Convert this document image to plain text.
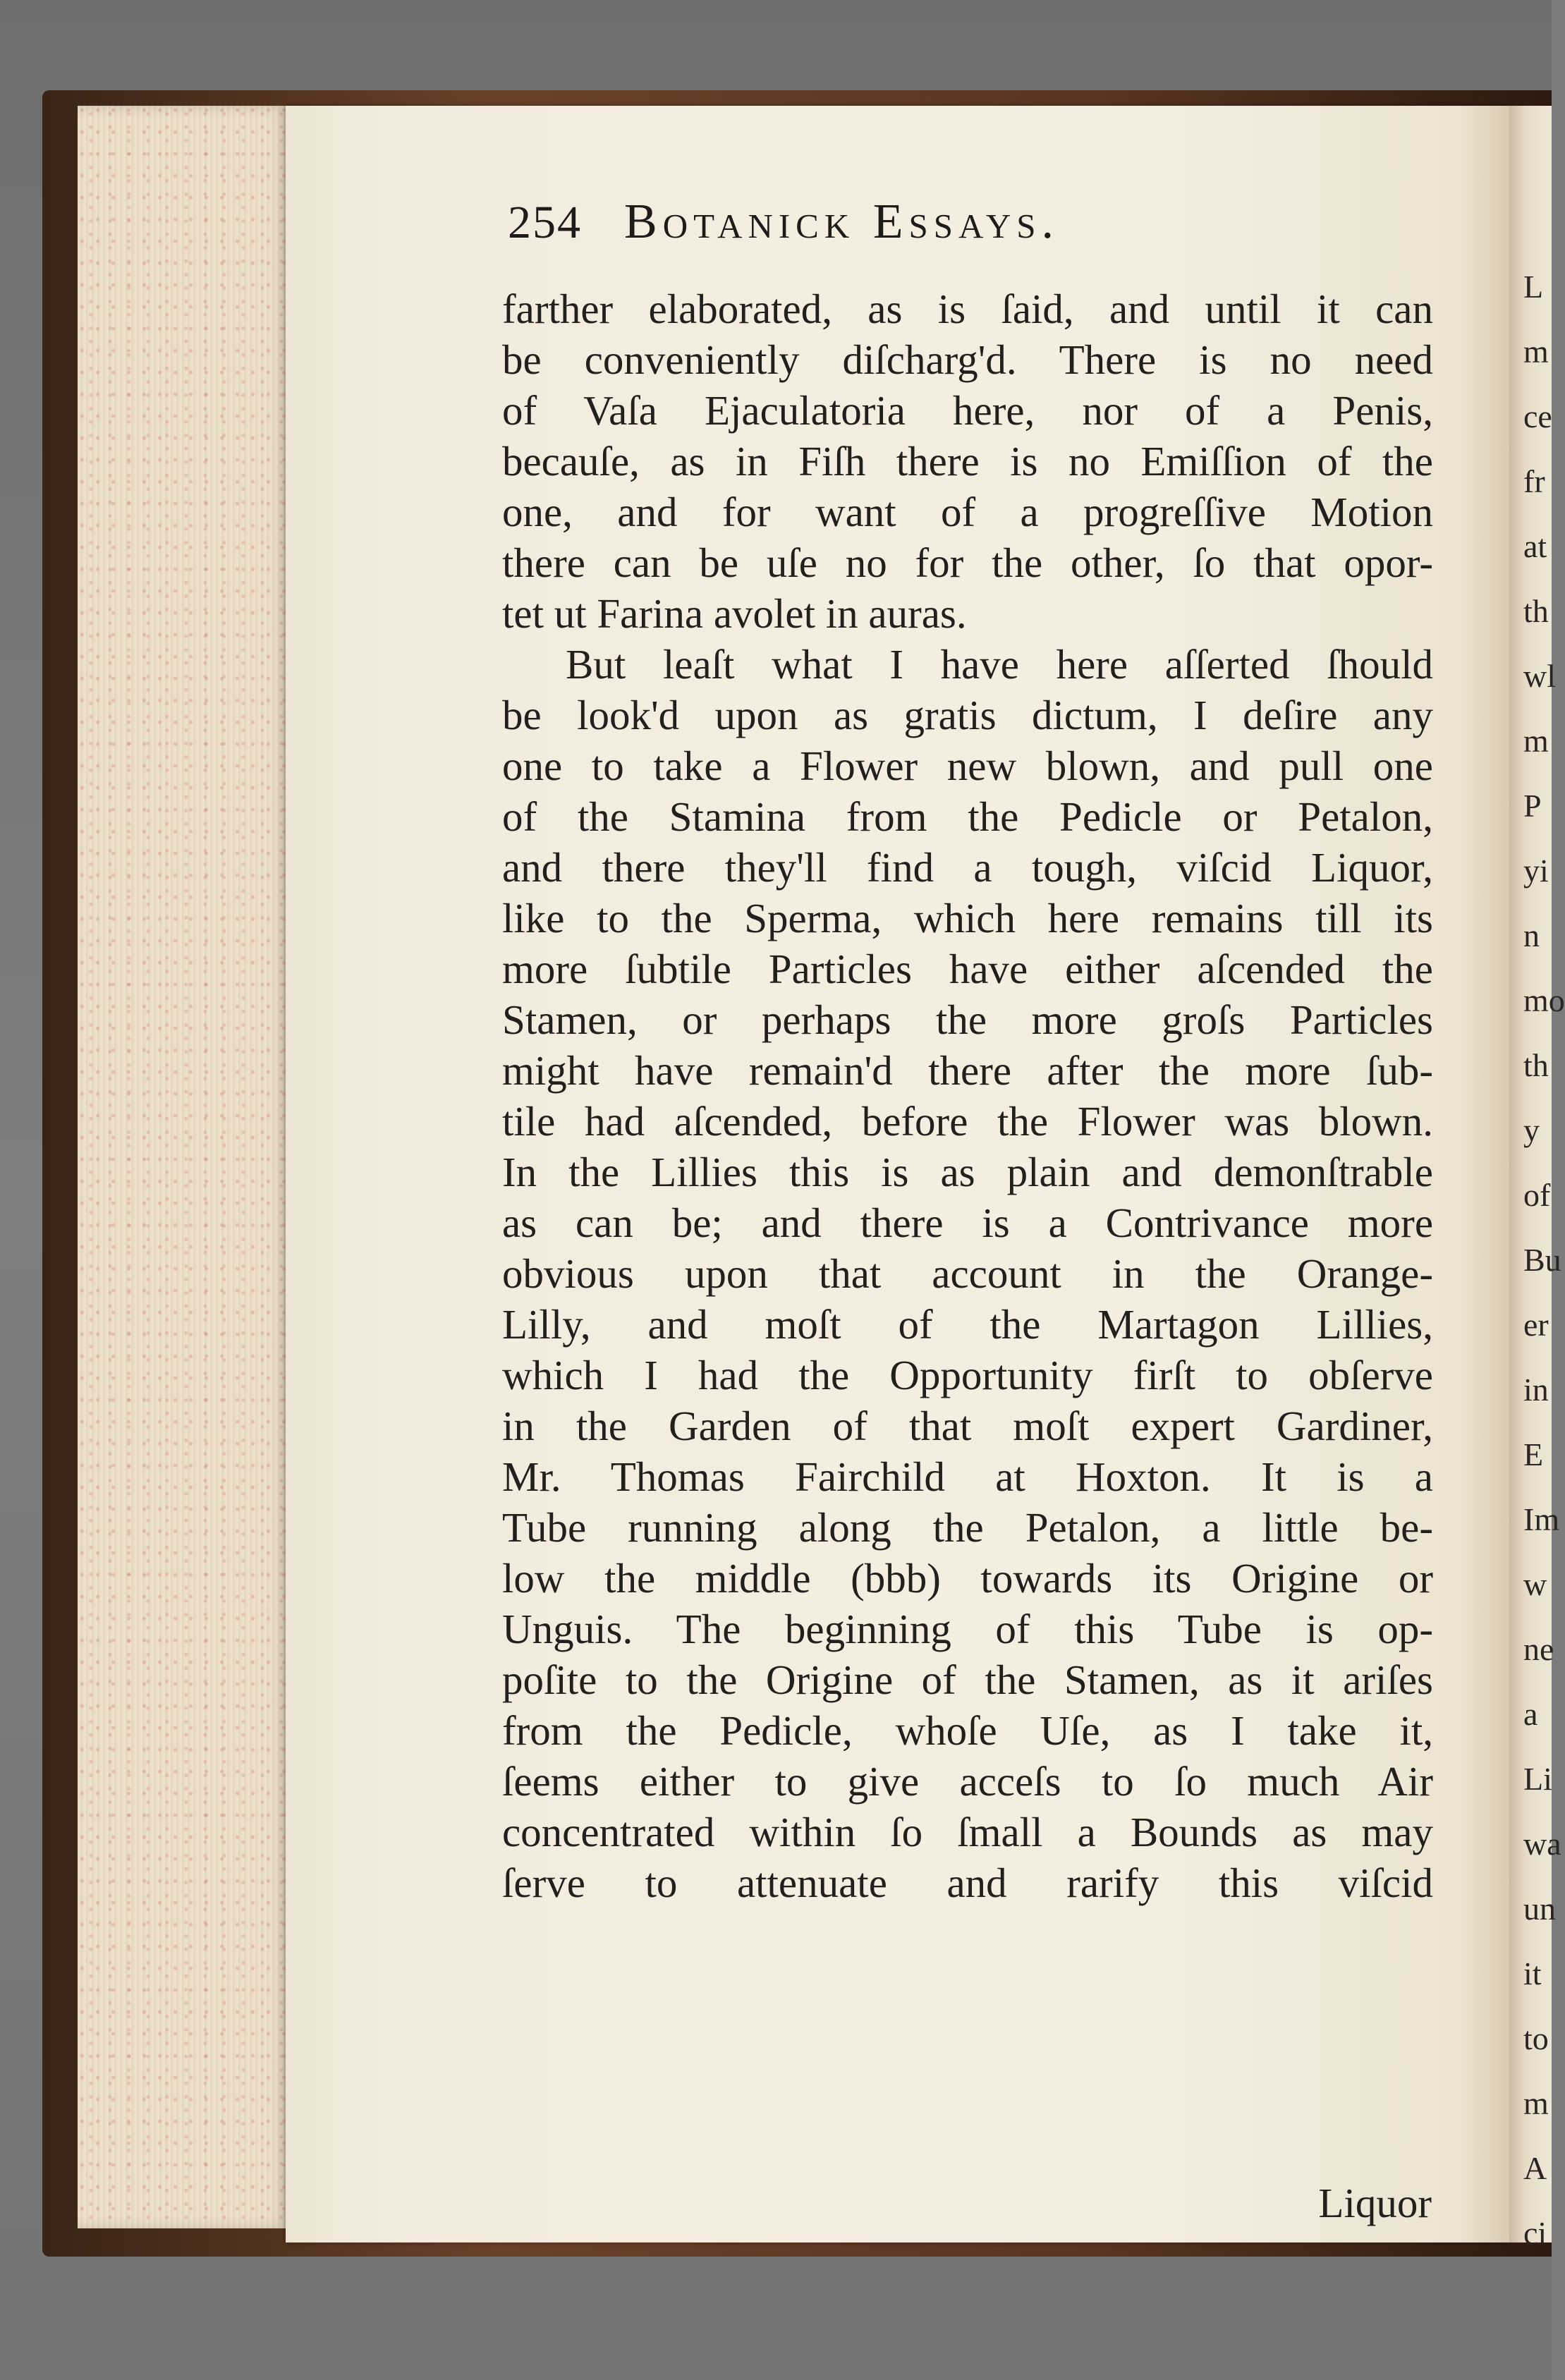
L
m
ce
fr
at
th
wl
m
P
yi
n
mo
th
y
of
Bu
er
in
E
Im
w
ne
a
Li
wa
un
it
to
m
A
ci
254 Botanick Essays.
farther elaborated, as is ſaid, and until it can
be conveniently diſcharg'd. There is no need
of Vaſa Ejaculatoria here, nor of a Penis,
becauſe, as in Fiſh there is no Emiſſion of the
one, and for want of a progreſſive Motion
there can be uſe no for the other, ſo that opor-
tet ut Farina avolet in auras.
But leaſt what I have here aſſerted ſhould
be look'd upon as gratis dictum, I deſire any
one to take a Flower new blown, and pull one
of the Stamina from the Pedicle or Petalon,
and there they'll find a tough, viſcid Liquor,
like to the Sperma, which here remains till its
more ſubtile Particles have either aſcended the
Stamen, or perhaps the more groſs Particles
might have remain'd there after the more ſub-
tile had aſcended, before the Flower was blown.
In the Lillies this is as plain and demonſtrable
as can be; and there is a Contrivance more
obvious upon that account in the Orange-
Lilly, and moſt of the Martagon Lillies,
which I had the Opportunity firſt to obſerve
in the Garden of that moſt expert Gardiner,
Mr. Thomas Fairchild at Hoxton. It is a
Tube running along the Petalon, a little be-
low the middle (bbb) towards its Origine or
Unguis. The beginning of this Tube is op-
poſite to the Origine of the Stamen, as it ariſes
from the Pedicle, whoſe Uſe, as I take it,
ſeems either to give acceſs to ſo much Air
concentrated within ſo ſmall a Bounds as may
ſerve to attenuate and rarify this viſcid
Liquor
